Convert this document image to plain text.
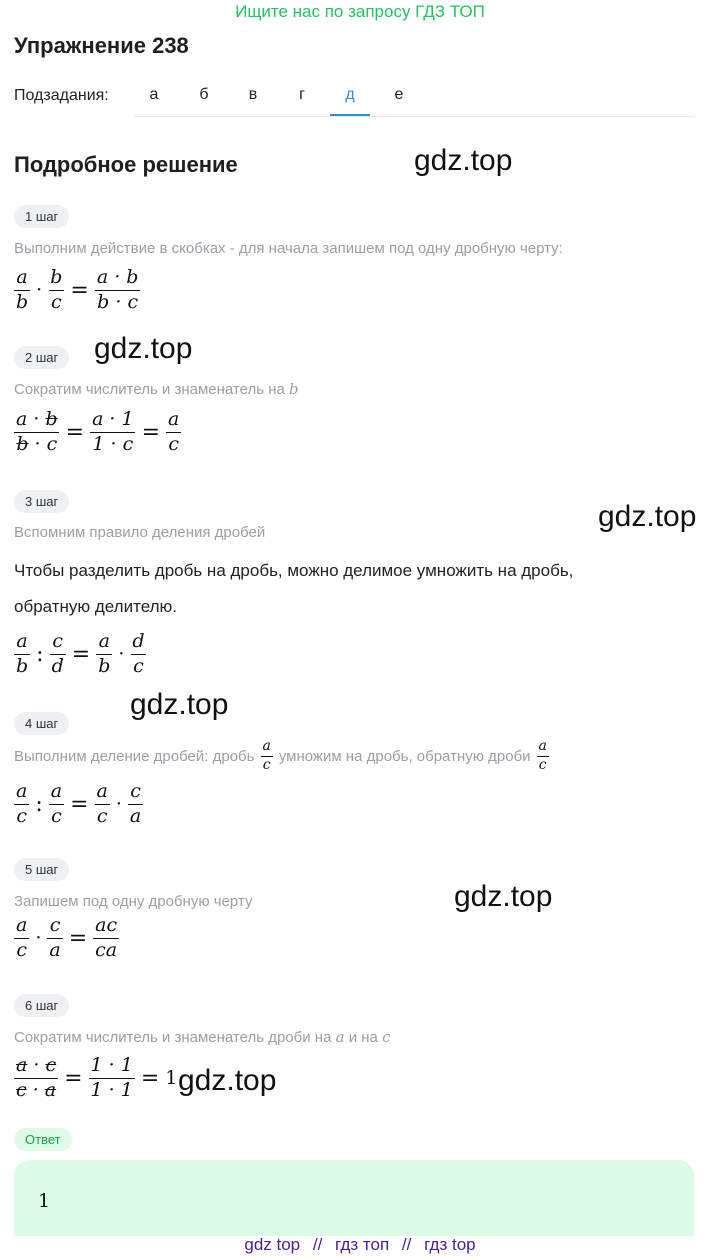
Ищите нас по запросу ГДЗ ТОП
Упражнение 238
Подзадания:	а	б	в	г	д	е
Подробное решение	gdz.top
gdz.top
gdz.top
gdz.top
gdz.top
gdz.top
1 шаг
Выполним действие в скобках - для начала запишем под одну дробную черту:
$\frac{a}{b} \cdot \frac{b}{c} = \frac{a \cdot b}{b \cdot c}$
2 шаг
Сократим числитель и знаменатель на b
$\frac{a \cdot b}{b \cdot c} = \frac{a \cdot 1}{1 \cdot c} = \frac{a}{c}$
3 шаг
Вспомним правило деления дробей
Чтобы разделить дробь на дробь, можно делимое умножить на дробь,
обратную делителю.
$\frac{a}{b}$ : $\frac{c}{d} = \frac{a}{b} \cdot \frac{d}{c}$
4 шаг
Выполним деление дробей: дробь $\frac{a}{c}$ умножим на дробь, обратную дроби $\frac{a}{c}$
$\frac{a}{c}$ : $\frac{a}{c} = \frac{a}{c} \cdot \frac{c}{a}$
5 шаг
Запишем под одну дробную черту
$\frac{a}{c} \cdot \frac{c}{a} = \frac{ac}{ca}$
6 шаг
Сократим числитель и знаменатель дроби на a и на c
$\frac{a \cdot c}{c \cdot a} = \frac{1 \cdot 1}{1 \cdot 1} = 1$
Ответ
1
gdz top // гдз топ // гдз top
